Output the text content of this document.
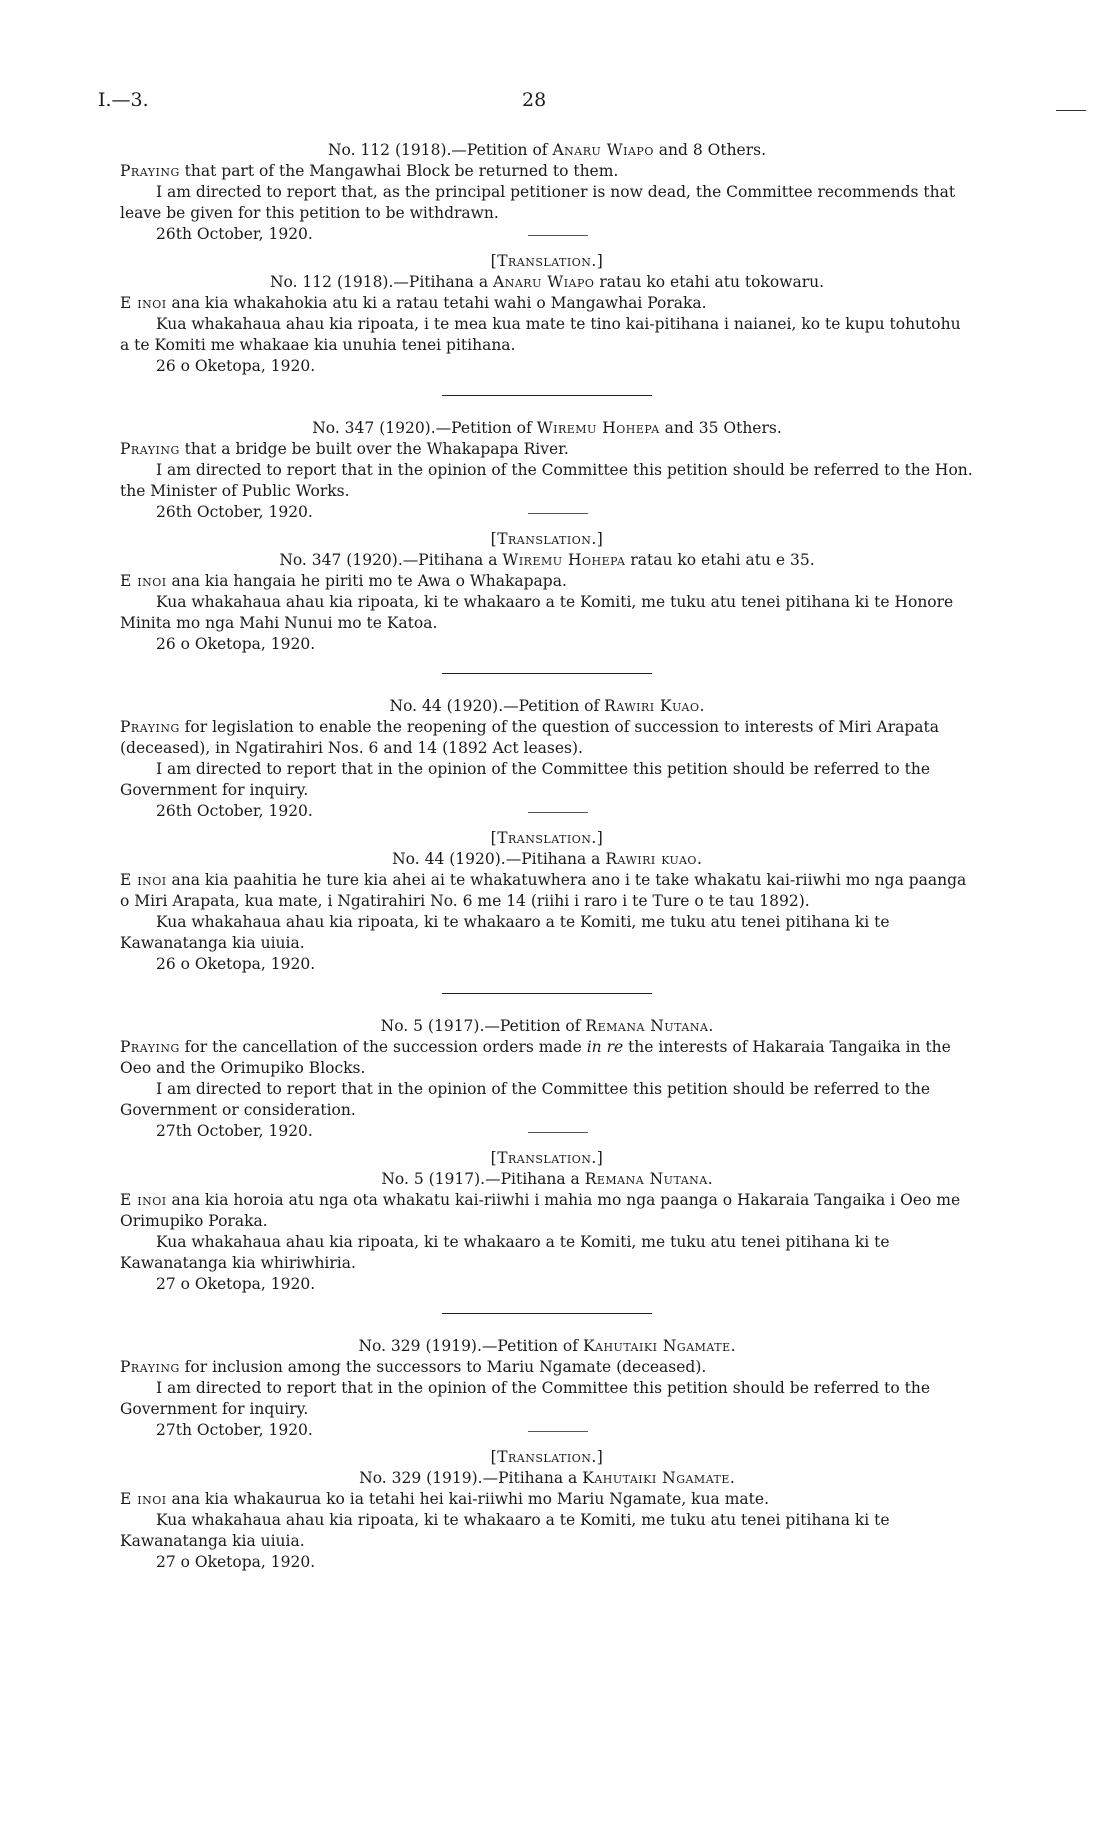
I.—3.	28

No. 112 (1918).—Petition of Anaru Wiapo and 8 Others.

Praying that part of the Mangawhai Block be returned to them.

I am directed to report that, as the principal petitioner is now dead, the Committee recommends that leave be given for this petition to be withdrawn.

26th October, 1920.

[Translation.]

No. 112 (1918).—Pitihana a Anaru Wiapo ratau ko etahi atu tokowaru.

E inoi ana kia whakahokia atu ki a ratau tetahi wahi o Mangawhai Poraka.

Kua whakahaua ahau kia ripoata, i te mea kua mate te tino kai-pitihana i naianei, ko te kupu tohutohu a te Komiti me whakaae kia unuhia tenei pitihana.

26 o Oketopa, 1920.

No. 347 (1920).—Petition of Wiremu Hohepa and 35 Others.

Praying that a bridge be built over the Whakapapa River.

I am directed to report that in the opinion of the Committee this petition should be referred to the Hon. the Minister of Public Works.

26th October, 1920.

[Translation.]

No. 347 (1920).—Pitihana a Wiremu Hohepa ratau ko etahi atu e 35.

E inoi ana kia hangaia he piriti mo te Awa o Whakapapa.

Kua whakahaua ahau kia ripoata, ki te whakaaro a te Komiti, me tuku atu tenei pitihana ki te Honore Minita mo nga Mahi Nunui mo te Katoa.

26 o Oketopa, 1920.

No. 44 (1920).—Petition of Rawiri Kuao.

Praying for legislation to enable the reopening of the question of succession to interests of Miri Arapata (deceased), in Ngatirahiri Nos. 6 and 14 (1892 Act leases).

I am directed to report that in the opinion of the Committee this petition should be referred to the Government for inquiry.

26th October, 1920.

[Translation.]

No. 44 (1920).—Pitihana a Rawiri kuao.

E inoi ana kia paahitia he ture kia ahei ai te whakatuwhera ano i te take whakatu kai-riiwhi mo nga paanga o Miri Arapata, kua mate, i Ngatirahiri No. 6 me 14 (riihi i raro i te Ture o te tau 1892).

Kua whakahaua ahau kia ripoata, ki te whakaaro a te Komiti, me tuku atu tenei pitihana ki te Kawanatanga kia uiuia.

26 o Oketopa, 1920.

No. 5 (1917).—Petition of Remana Nutana.

Praying for the cancellation of the succession orders made in re the interests of Hakaraia Tangaika in the Oeo and the Orimupiko Blocks.

I am directed to report that in the opinion of the Committee this petition should be referred to the Government or consideration.

27th October, 1920.

[Translation.]

No. 5 (1917).—Pitihana a Remana Nutana.

E inoi ana kia horoia atu nga ota whakatu kai-riiwhi i mahia mo nga paanga o Hakaraia Tangaika i Oeo me Orimupiko Poraka.

Kua whakahaua ahau kia ripoata, ki te whakaaro a te Komiti, me tuku atu tenei pitihana ki te Kawanatanga kia whiriwhiria.

27 o Oketopa, 1920.

No. 329 (1919).—Petition of Kahutaiki Ngamate.

Praying for inclusion among the successors to Mariu Ngamate (deceased).

I am directed to report that in the opinion of the Committee this petition should be referred to the Government for inquiry.

27th October, 1920.

[Translation.]

No. 329 (1919).—Pitihana a Kahutaiki Ngamate.

E inoi ana kia whakaurua ko ia tetahi hei kai-riiwhi mo Mariu Ngamate, kua mate.

Kua whakahaua ahau kia ripoata, ki te whakaaro a te Komiti, me tuku atu tenei pitihana ki te Kawanatanga kia uiuia.

27 o Oketopa, 1920.
